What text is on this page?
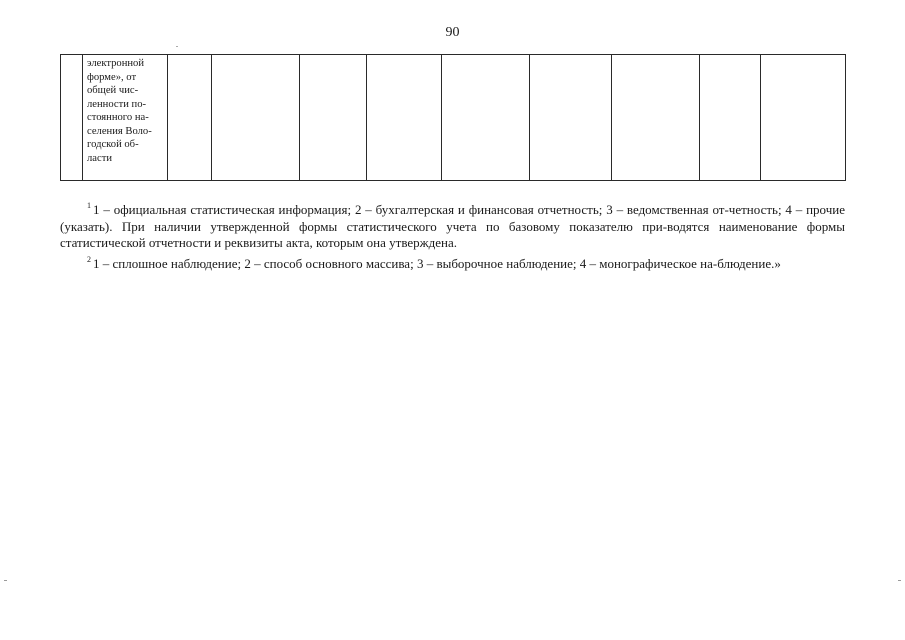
90

электронной
форме», от
общей чис-
ленности по-
стоянного на-
селения Воло-
годской об-
ласти

$^1$ 1 – официальная статистическая информация; 2 – бухгалтерская и финансовая отчетность; 3 – ведомственная от-четность; 4 – прочие (указать). При наличии утвержденной формы статистического учета по базовому показателю при-водятся наименование формы статистической отчетности и реквизиты акта, которым она утверждена.

$^2$ 1 – сплошное наблюдение; 2 – способ основного массива; 3 – выборочное наблюдение; 4 – монографическое на-блюдение.»
